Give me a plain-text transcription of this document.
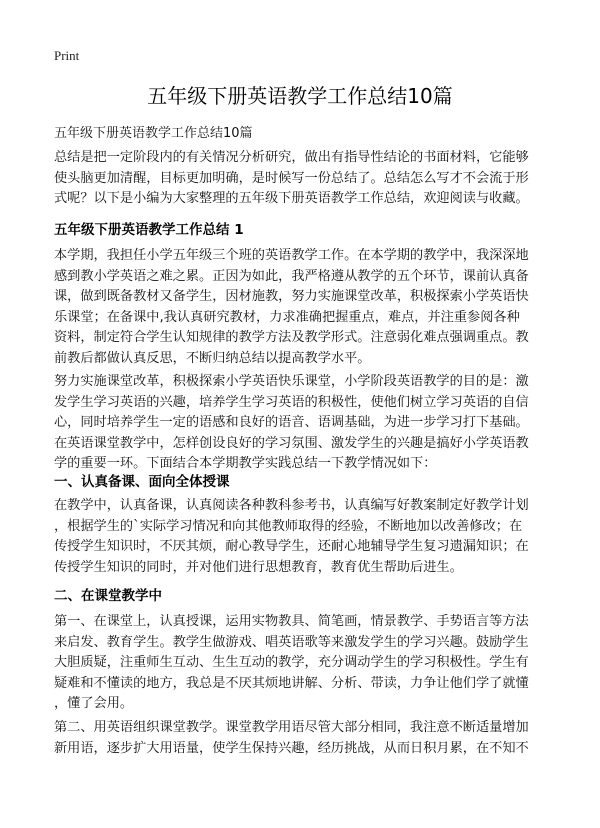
Print
五年级下册英语教学工作总结10篇
五年级下册英语教学工作总结10篇

总结是把一定阶段内的有关情况分析研究，做出有指导性结论的书面材料，它能够

使头脑更加清醒，目标更加明确，是时候写一份总结了。总结怎么写才不会流于形

式呢？以下是小编为大家整理的五年级下册英语教学工作总结，欢迎阅读与收藏。

五年级下册英语教学工作总结 1

本学期，我担任小学五年级三个班的英语教学工作。在本学期的教学中，我深深地

感到教小学英语之难之累。正因为如此，我严格遵从教学的五个环节，课前认真备

课，做到既备教材又备学生，因材施教，努力实施课堂改革，积极探索小学英语快

乐课堂；在备课中,我认真研究教材，力求准确把握重点，难点，并注重参阅各种

资料，制定符合学生认知规律的教学方法及教学形式。注意弱化难点强调重点。教

前教后都做认真反思，不断归纳总结以提高教学水平。

努力实施课堂改革，积极探索小学英语快乐课堂，小学阶段英语教学的目的是：激

发学生学习英语的兴趣，培养学生学习英语的积极性，使他们树立学习英语的自信

心，同时培养学生一定的语感和良好的语音、语调基础，为进一步学习打下基础。

在英语课堂教学中，怎样创设良好的学习氛围、激发学生的兴趣是搞好小学英语教

学的重要一环。下面结合本学期教学实践总结一下教学情况如下：

一、认真备课、面向全体授课

在教学中，认真备课，认真阅读各种教科参考书，认真编写好教案制定好教学计划

，根据学生的`实际学习情况和向其他教师取得的经验，不断地加以改善修改；在

传授学生知识时，不厌其烦，耐心教导学生，还耐心地辅导学生复习遗漏知识；在

传授学生知识的同时，并对他们进行思想教育，教育优生帮助后进生。

二、在课堂教学中

第一、在课堂上，认真授课，运用实物教具、简笔画，情景教学、手势语言等方法

来启发、教育学生。教学生做游戏、唱英语歌等来激发学生的学习兴趣。鼓励学生

大胆质疑，注重师生互动、生生互动的教学，充分调动学生的学习积极性。学生有

疑难和不懂读的地方，我总是不厌其烦地讲解、分析、带读，力争让他们学了就懂

，懂了会用。

第二、用英语组织课堂教学。课堂教学用语尽管大部分相同，我注意不断适量增加

新用语，逐步扩大用语量，使学生保持兴趣，经历挑战，从而日积月累，在不知不
